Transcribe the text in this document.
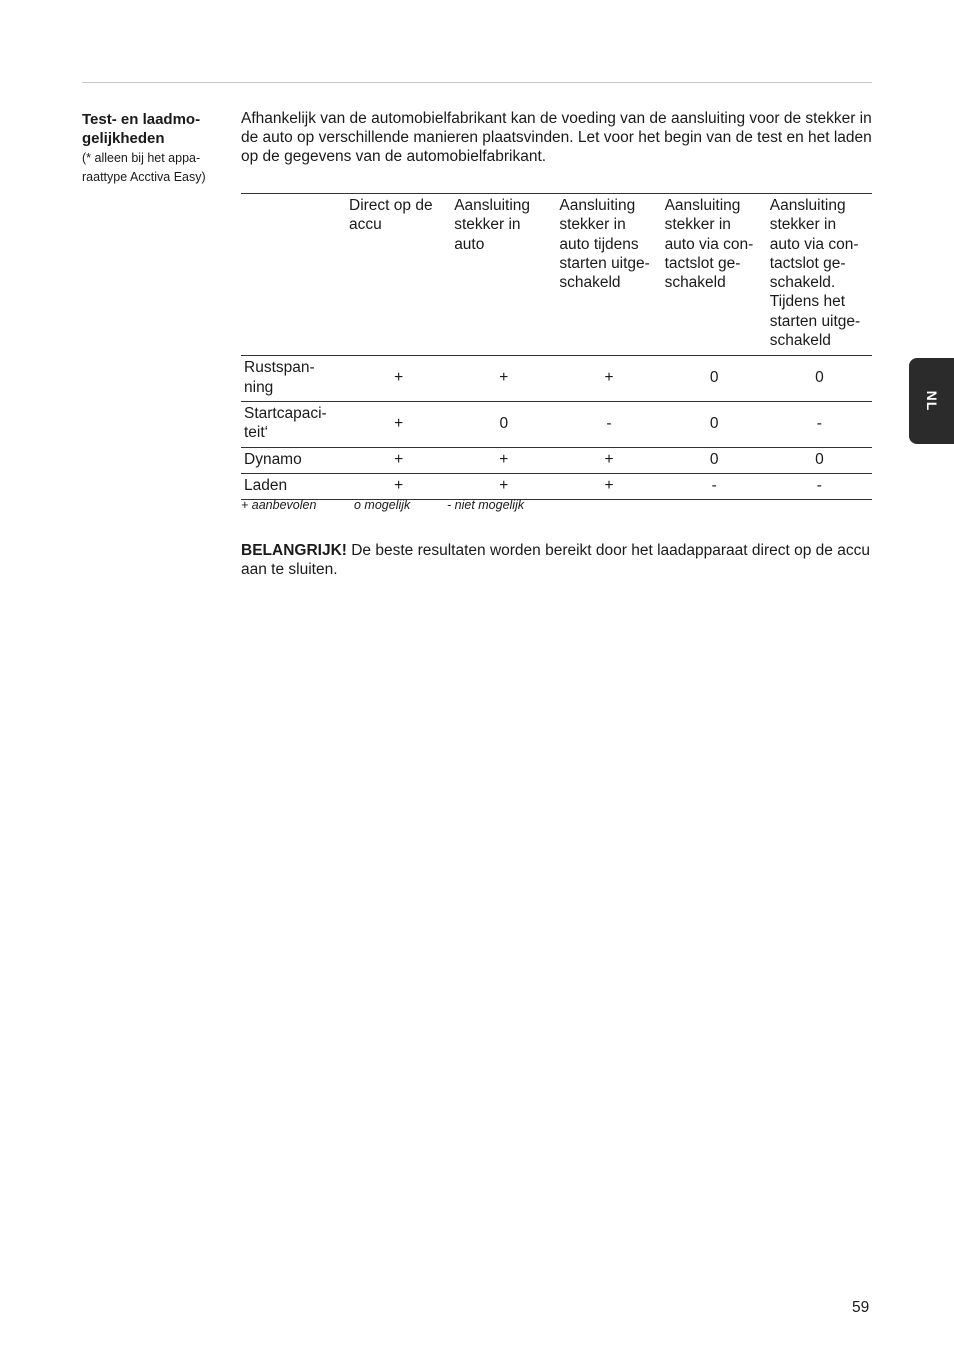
Test- en laadmo-gelijkheden
(* alleen bij het appa-raattype Acctiva Easy)
Afhankelijk van de automobielfabrikant kan de voeding van de aansluiting voor de stekker in de auto op verschillende manieren plaatsvinden. Let voor het begin van de test en het laden op de gegevens van de automobielfabrikant.
	Direct op de accu	Aansluiting stekker in auto	Aansluiting stekker in auto tijdens starten uitge-schakeld	Aansluiting stekker in auto via con-tactslot ge-schakeld	Aansluiting stekker in auto via con-tactslot ge-schakeld. Tijdens het starten uitge-schakeld
Rustspan-ning	+	+	+	0	0
Startcapaci-teit‘	+	0	-	0	-
Dynamo	+	+	+	0	0
Laden	+	+	+	-	-
+ aanbevolen	o mogelijk	- niet mogelijk
BELANGRIJK! De beste resultaten worden bereikt door het laadapparaat direct op de accu aan te sluiten.
NL
59
